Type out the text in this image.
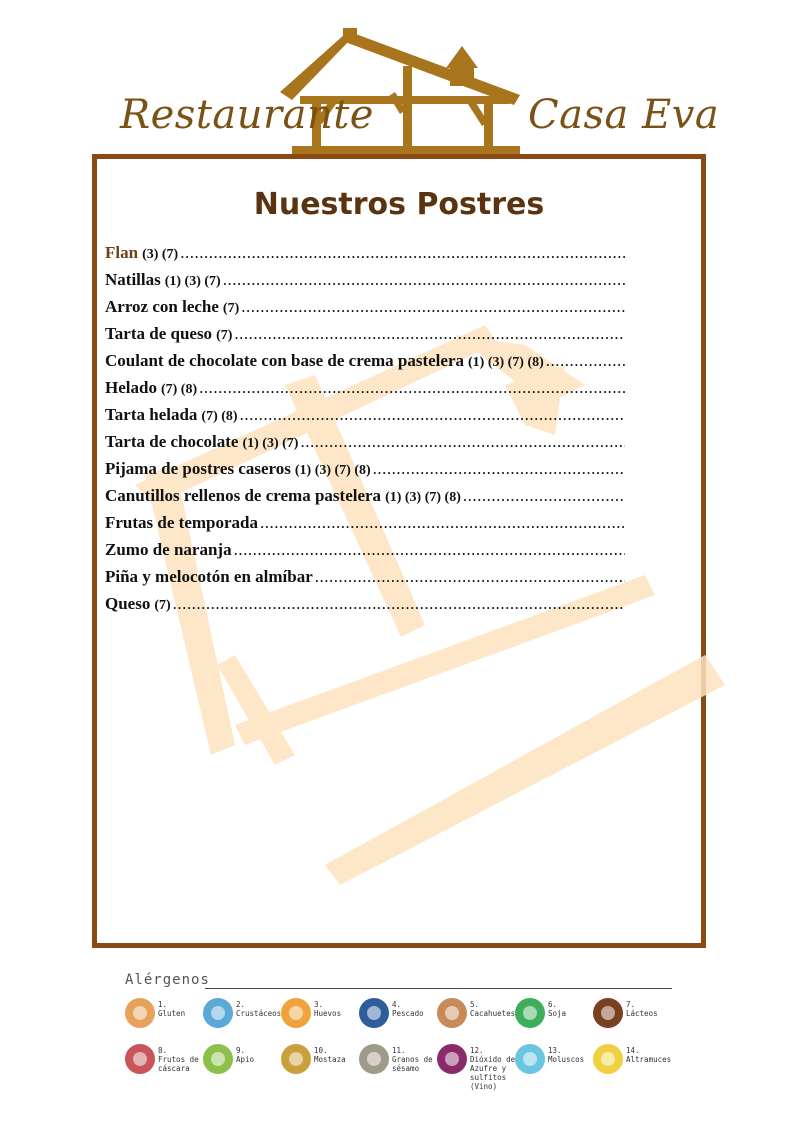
Restaurante	Casa Eva
Nuestros Postres
Flan (3) (7)
.....
Natillas (1) (3) (7)
.....
Arroz con leche (7)
.....
Tarta de queso (7)
.....
Coulant de chocolate con base de crema pastelera (1) (3) (7) (8)
.....
Helado (7) (8)
.....
Tarta helada (7) (8)
.....
Tarta de chocolate (1) (3) (7)
.....
Pijama de postres caseros (1) (3) (7) (8)
.....
Canutillos rellenos de crema pastelera (1) (3) (7) (8)
.....
Frutas de temporada
.....
Zumo de naranja
.....
Piña y melocotón en almíbar
.....
Queso (7)
.....
Alérgenos
1.
Gluten
2.
Crustáceos
3.
Huevos
4.
Pescado
5.
Cacahuetes
6.
Soja
7.
Lácteos
8.
Frutos de cáscara
9.
Apio
10.
Mostaza
11.
Granos de sésamo
12.
Dióxido de Azufre y sulfitos (Vino)
13.
Moluscos
14.
Altramuces
